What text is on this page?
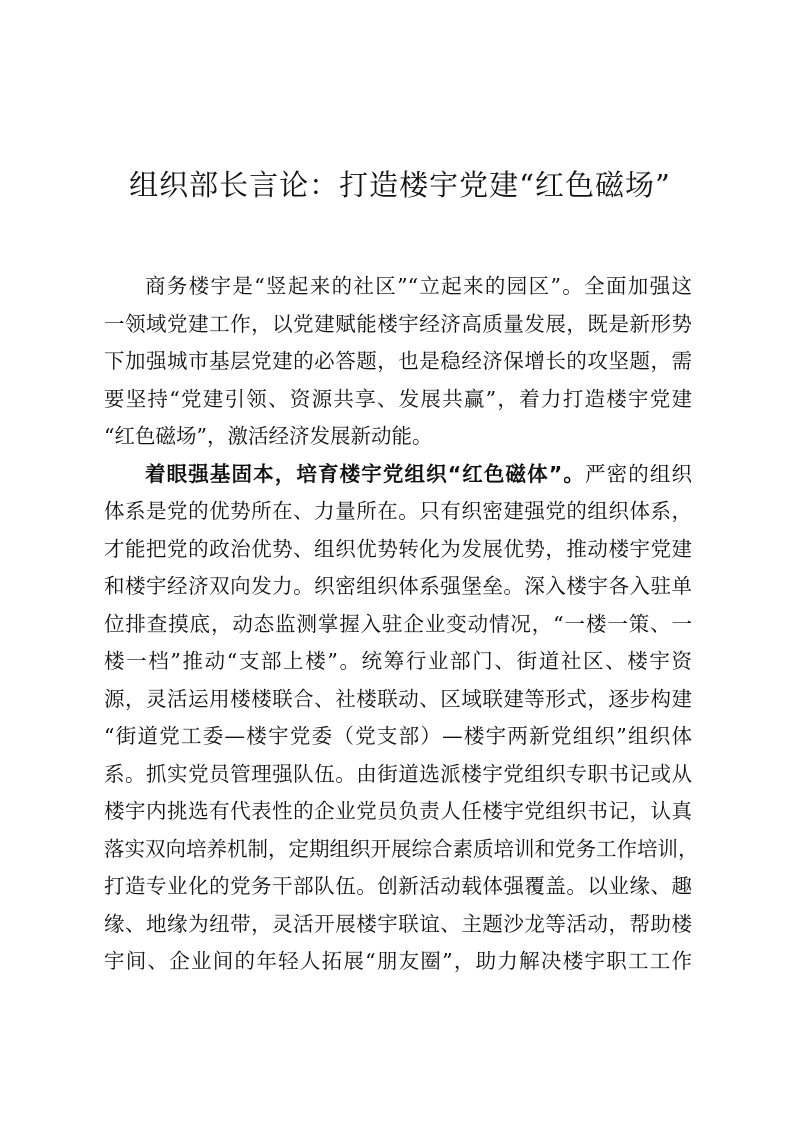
组织部长言论：打造楼宇党建“红色磁场”
商务楼宇是“竖起来的社区”“立起来的园区”。全面加强这
一领域党建工作，以党建赋能楼宇经济高质量发展，既是新形势
下加强城市基层党建的必答题，也是稳经济保增长的攻坚题，需
要坚持“党建引领、资源共享、发展共赢”，着力打造楼宇党建
“红色磁场”，激活经济发展新动能。
着眼强基固本，培育楼宇党组织“红色磁体”。严密的组织
体系是党的优势所在、力量所在。只有织密建强党的组织体系，
才能把党的政治优势、组织优势转化为发展优势，推动楼宇党建
和楼宇经济双向发力。织密组织体系强堡垒。深入楼宇各入驻单
位排查摸底，动态监测掌握入驻企业变动情况，“一楼一策、一
楼一档”推动“支部上楼”。统筹行业部门、街道社区、楼宇资
源，灵活运用楼楼联合、社楼联动、区域联建等形式，逐步构建
“街道党工委—楼宇党委（党支部）—楼宇两新党组织”组织体
系。抓实党员管理强队伍。由街道选派楼宇党组织专职书记或从
楼宇内挑选有代表性的企业党员负责人任楼宇党组织书记，认真
落实双向培养机制，定期组织开展综合素质培训和党务工作培训，
打造专业化的党务干部队伍。创新活动载体强覆盖。以业缘、趣
缘、地缘为纽带，灵活开展楼宇联谊、主题沙龙等活动，帮助楼
宇间、企业间的年轻人拓展“朋友圈”，助力解决楼宇职工工作
